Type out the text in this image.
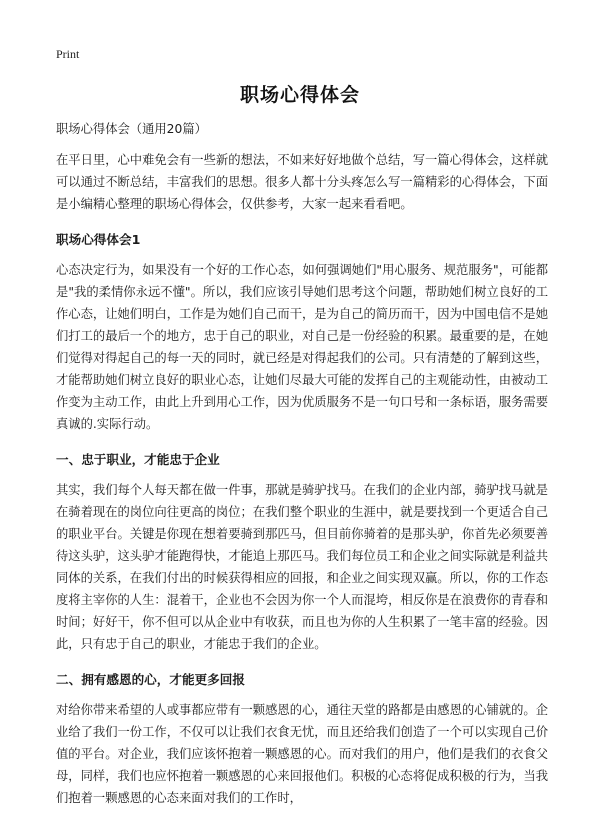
Print
职场心得体会

职场心得体会（通用20篇）

在平日里，心中难免会有一些新的想法，不如来好好地做个总结，写一篇心得体会，这样就可以通过不断总结，丰富我们的思想。很多人都十分头疼怎么写一篇精彩的心得体会，下面是小编精心整理的职场心得体会，仅供参考，大家一起来看看吧。

职场心得体会1

心态决定行为，如果没有一个好的工作心态，如何强调她们"用心服务、规范服务"，可能都是"我的柔情你永远不懂"。所以，我们应该引导她们思考这个问题，帮助她们树立良好的工作心态，让她们明白，工作是为她们自己而干，是为自己的简历而干，因为中国电信不是她们打工的最后一个的地方，忠于自己的职业，对自己是一份经验的积累。最重要的是，在她们觉得对得起自己的每一天的同时，就已经是对得起我们的公司。只有清楚的了解到这些，才能帮助她们树立良好的职业心态，让她们尽最大可能的发挥自己的主观能动性，由被动工作变为主动工作，由此上升到用心工作，因为优质服务不是一句口号和一条标语，服务需要真诚的.实际行动。

一、忠于职业，才能忠于企业

其实，我们每个人每天都在做一件事，那就是骑驴找马。在我们的企业内部，骑驴找马就是在骑着现在的岗位向往更高的岗位；在我们整个职业的生涯中，就是要找到一个更适合自己的职业平台。关键是你现在想着要骑到那匹马，但目前你骑着的是那头驴，你首先必须要善待这头驴，这头驴才能跑得快，才能追上那匹马。我们每位员工和企业之间实际就是利益共同体的关系，在我们付出的时候获得相应的回报，和企业之间实现双赢。所以，你的工作态度将主宰你的人生：混着干，企业也不会因为你一个人而混垮，相反你是在浪费你的青春和时间；好好干，你不但可以从企业中有收获，而且也为你的人生积累了一笔丰富的经验。因此，只有忠于自己的职业，才能忠于我们的企业。

二、拥有感恩的心，才能更多回报

对给你带来希望的人或事都应带有一颗感恩的心，通往天堂的路都是由感恩的心铺就的。企业给了我们一份工作，不仅可以让我们衣食无忧，而且还给我们创造了一个可以实现自己价值的平台。对企业，我们应该怀抱着一颗感恩的心。而对我们的用户，他们是我们的衣食父母，同样，我们也应怀抱着一颗感恩的心来回报他们。积极的心态将促成积极的行为，当我们抱着一颗感恩的心态来面对我们的工作时，
